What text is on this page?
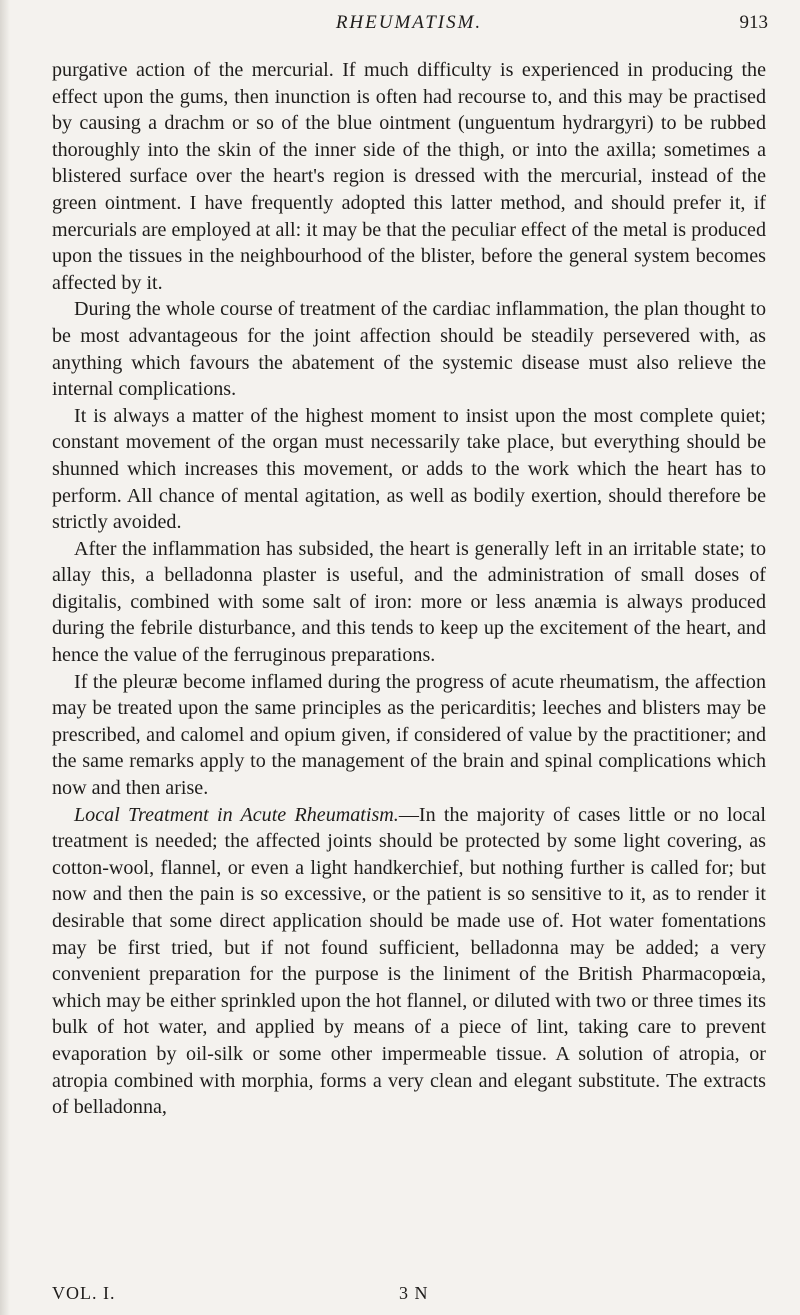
RHEUMATISM.	913

purgative action of the mercurial. If much difficulty is experienced in producing the effect upon the gums, then inunction is often had recourse to, and this may be practised by causing a drachm or so of the blue ointment (unguentum hydrargyri) to be rubbed thoroughly into the skin of the inner side of the thigh, or into the axilla; sometimes a blistered surface over the heart's region is dressed with the mercurial, instead of the green ointment. I have frequently adopted this latter method, and should prefer it, if mercurials are employed at all: it may be that the peculiar effect of the metal is produced upon the tissues in the neighbourhood of the blister, before the general system becomes affected by it.

During the whole course of treatment of the cardiac inflammation, the plan thought to be most advantageous for the joint affection should be steadily persevered with, as anything which favours the abatement of the systemic disease must also relieve the internal complications.

It is always a matter of the highest moment to insist upon the most complete quiet; constant movement of the organ must necessarily take place, but everything should be shunned which increases this movement, or adds to the work which the heart has to perform. All chance of mental agitation, as well as bodily exertion, should therefore be strictly avoided.

After the inflammation has subsided, the heart is generally left in an irritable state; to allay this, a belladonna plaster is useful, and the administration of small doses of digitalis, combined with some salt of iron: more or less anæmia is always produced during the febrile disturbance, and this tends to keep up the excitement of the heart, and hence the value of the ferruginous preparations.

If the pleuræ become inflamed during the progress of acute rheumatism, the affection may be treated upon the same principles as the pericarditis; leeches and blisters may be prescribed, and calomel and opium given, if considered of value by the practitioner; and the same remarks apply to the management of the brain and spinal complications which now and then arise.

Local Treatment in Acute Rheumatism.—In the majority of cases little or no local treatment is needed; the affected joints should be protected by some light covering, as cotton-wool, flannel, or even a light handkerchief, but nothing further is called for; but now and then the pain is so excessive, or the patient is so sensitive to it, as to render it desirable that some direct application should be made use of. Hot water fomentations may be first tried, but if not found sufficient, belladonna may be added; a very convenient preparation for the purpose is the liniment of the British Pharmacopœia, which may be either sprinkled upon the hot flannel, or diluted with two or three times its bulk of hot water, and applied by means of a piece of lint, taking care to prevent evaporation by oil-silk or some other impermeable tissue. A solution of atropia, or atropia combined with morphia, forms a very clean and elegant substitute. The extracts of belladonna,

VOL. I.	3 N
